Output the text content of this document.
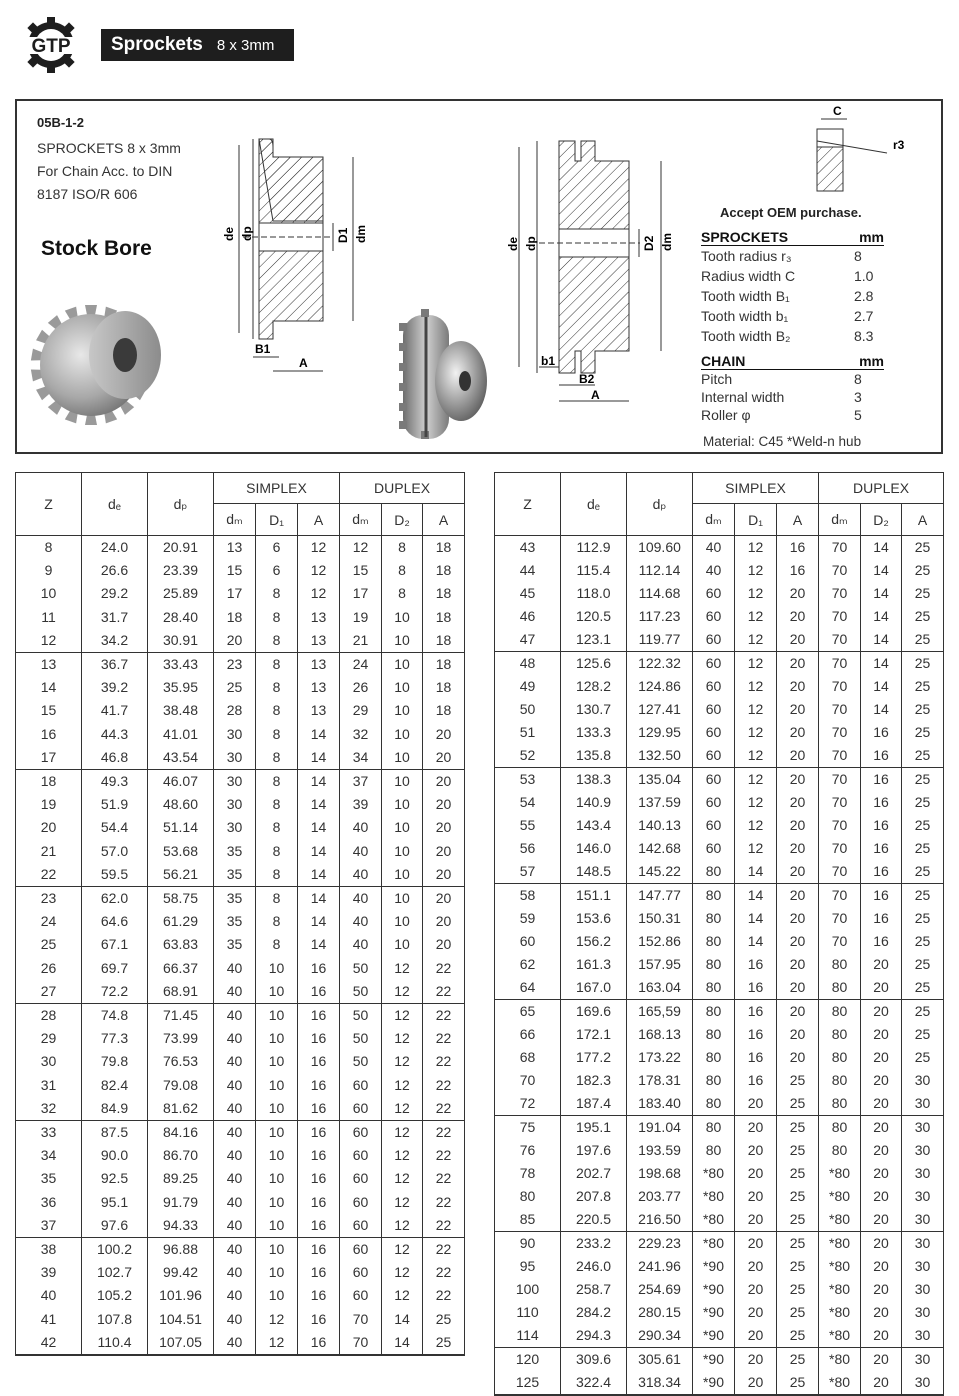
GTP Sprockets 8 x 3mm
05B-1-2
SPROCKETS 8 x 3mm
For Chain Acc. to DIN
8187 ISO/R 606
Stock Bore
de dp	D1 dm
B1
A
de dp	D2 dm
b1
B2
A
C
r3
Accept OEM purchase.
SPROCKETS	mm
Tooth radius r₃	8
Radius width C	1.0
Tooth width B₁	2.8
Tooth width b₁	2.7
Tooth width B₂	8.3
CHAIN	mm
Pitch	8
Internal width	3
Roller φ	5
Material: C45 *Weld-n hub
Z	dₑ	dₚ	SIMPLEX			DUPLEX		
			dₘ	D₁	A	dₘ	D₂	A
8	24.0	20.91	13	6	12	12	8	18
9	26.6	23.39	15	6	12	15	8	18
10	29.2	25.89	17	8	12	17	8	18
11	31.7	28.40	18	8	13	19	10	18
12	34.2	30.91	20	8	13	21	10	18
13	36.7	33.43	23	8	13	24	10	18
14	39.2	35.95	25	8	13	26	10	18
15	41.7	38.48	28	8	13	29	10	18
16	44.3	41.01	30	8	14	32	10	20
17	46.8	43.54	30	8	14	34	10	20
18	49.3	46.07	30	8	14	37	10	20
19	51.9	48.60	30	8	14	39	10	20
20	54.4	51.14	30	8	14	40	10	20
21	57.0	53.68	35	8	14	40	10	20
22	59.5	56.21	35	8	14	40	10	20
23	62.0	58.75	35	8	14	40	10	20
24	64.6	61.29	35	8	14	40	10	20
25	67.1	63.83	35	8	14	40	10	20
26	69.7	66.37	40	10	16	50	12	22
27	72.2	68.91	40	10	16	50	12	22
28	74.8	71.45	40	10	16	50	12	22
29	77.3	73.99	40	10	16	50	12	22
30	79.8	76.53	40	10	16	50	12	22
31	82.4	79.08	40	10	16	60	12	22
32	84.9	81.62	40	10	16	60	12	22
33	87.5	84.16	40	10	16	60	12	22
34	90.0	86.70	40	10	16	60	12	22
35	92.5	89.25	40	10	16	60	12	22
36	95.1	91.79	40	10	16	60	12	22
37	97.6	94.33	40	10	16	60	12	22
38	100.2	96.88	40	10	16	60	12	22
39	102.7	99.42	40	10	16	60	12	22
40	105.2	101.96	40	10	16	60	12	22
41	107.8	104.51	40	12	16	70	14	25
42	110.4	107.05	40	12	16	70	14	25
Z	dₑ	dₚ	SIMPLEX			DUPLEX		
			dₘ	D₁	A	dₘ	D₂	A
43	112.9	109.60	40	12	16	70	14	25
44	115.4	112.14	40	12	16	70	14	25
45	118.0	114.68	60	12	20	70	14	25
46	120.5	117.23	60	12	20	70	14	25
47	123.1	119.77	60	12	20	70	14	25
48	125.6	122.32	60	12	20	70	14	25
49	128.2	124.86	60	12	20	70	14	25
50	130.7	127.41	60	12	20	70	14	25
51	133.3	129.95	60	12	20	70	16	25
52	135.8	132.50	60	12	20	70	16	25
53	138.3	135.04	60	12	20	70	16	25
54	140.9	137.59	60	12	20	70	16	25
55	143.4	140.13	60	12	20	70	16	25
56	146.0	142.68	60	12	20	70	16	25
57	148.5	145.22	80	14	20	70	16	25
58	151.1	147.77	80	14	20	70	16	25
59	153.6	150.31	80	14	20	70	16	25
60	156.2	152.86	80	14	20	70	16	25
62	161.3	157.95	80	16	20	80	20	25
64	167.0	163.04	80	16	20	80	20	25
65	169.6	165,59	80	16	20	80	20	25
66	172.1	168.13	80	16	20	80	20	25
68	177.2	173.22	80	16	20	80	20	25
70	182.3	178.31	80	16	25	80	20	30
72	187.4	183.40	80	20	25	80	20	30
75	195.1	191.04	80	20	25	80	20	30
76	197.6	193.59	80	20	25	80	20	30
78	202.7	198.68	*80	20	25	*80	20	30
80	207.8	203.77	*80	20	25	*80	20	30
85	220.5	216.50	*80	20	25	*80	20	30
90	233.2	229.23	*80	20	25	*80	20	30
95	246.0	241.96	*90	20	25	*80	20	30
100	258.7	254.69	*90	20	25	*80	20	30
110	284.2	280.15	*90	20	25	*80	20	30
114	294.3	290.34	*90	20	25	*80	20	30
120	309.6	305.61	*90	20	25	*80	20	30
125	322.4	318.34	*90	20	25	*80	20	30
